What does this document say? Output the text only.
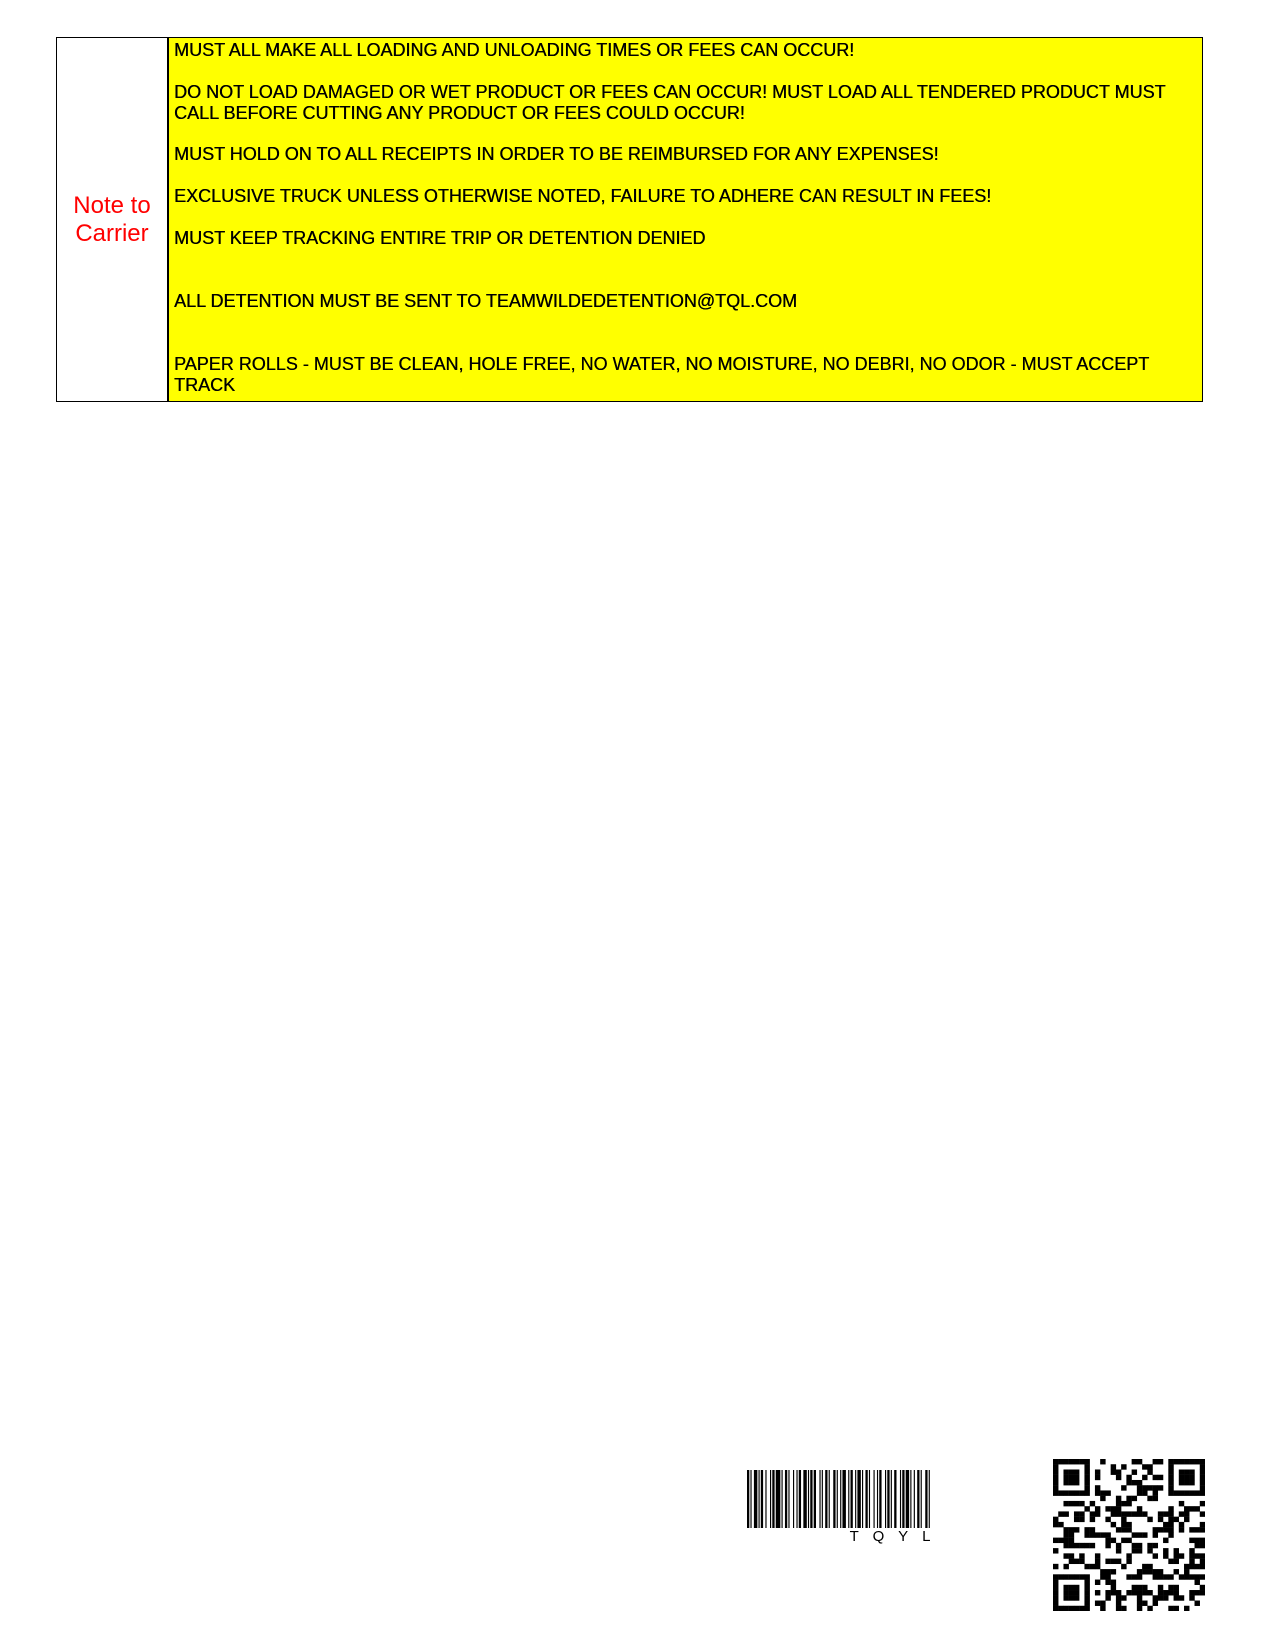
Note to
Carrier

MUST ALL MAKE ALL LOADING AND UNLOADING TIMES OR FEES CAN OCCUR!

DO NOT LOAD DAMAGED OR WET PRODUCT OR FEES CAN OCCUR! MUST LOAD ALL TENDERED PRODUCT MUST CALL BEFORE CUTTING ANY PRODUCT OR FEES COULD OCCUR!

MUST HOLD ON TO ALL RECEIPTS IN ORDER TO BE REIMBURSED FOR ANY EXPENSES!

EXCLUSIVE TRUCK UNLESS OTHERWISE NOTED, FAILURE TO ADHERE CAN RESULT IN FEES!

MUST KEEP TRACKING ENTIRE TRIP OR DETENTION DENIED

ALL DETENTION MUST BE SENT TO TEAMWILDEDETENTION@TQL.COM

PAPER ROLLS - MUST BE CLEAN, HOLE FREE, NO WATER, NO MOISTURE, NO DEBRI, NO ODOR - MUST ACCEPT TRACK

T Q Y L
